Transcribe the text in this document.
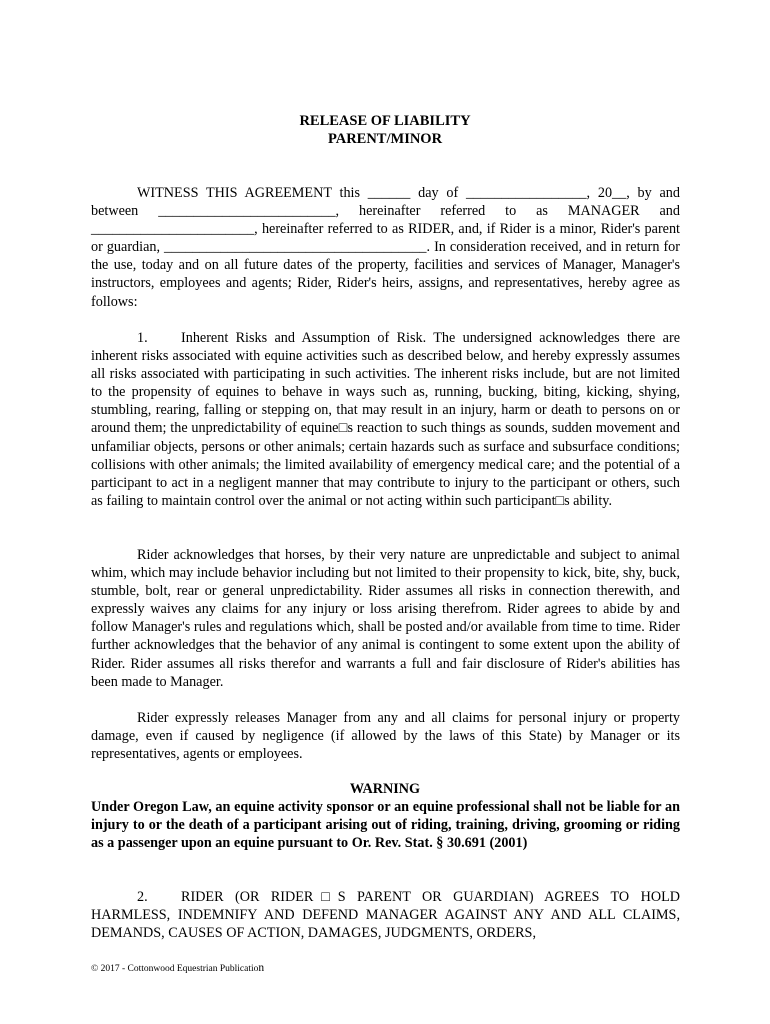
RELEASE OF LIABILITY
PARENT/MINOR

WITNESS THIS AGREEMENT this ______ day of _________________, 20__, by and between _________________________, hereinafter referred to as MANAGER and _______________________, hereinafter referred to as RIDER, and, if Rider is a minor, Rider's parent or guardian, _____________________________________. In consideration received, and in return for the use, today and on all future dates of the property, facilities and services of Manager, Manager's instructors, employees and agents; Rider, Rider's heirs, assigns, and representatives, hereby agree as follows:

1. Inherent Risks and Assumption of Risk. The undersigned acknowledges there are inherent risks associated with equine activities such as described below, and hereby expressly assumes all risks associated with participating in such activities. The inherent risks include, but are not limited to the propensity of equines to behave in ways such as, running, bucking, biting, kicking, shying, stumbling, rearing, falling or stepping on, that may result in an injury, harm or death to persons on or around them; the unpredictability of equine□s reaction to such things as sounds, sudden movement and unfamiliar objects, persons or other animals; certain hazards such as surface and subsurface conditions; collisions with other animals; the limited availability of emergency medical care; and the potential of a participant to act in a negligent manner that may contribute to injury to the participant or others, such as failing to maintain control over the animal or not acting within such participant□s ability.

Rider acknowledges that horses, by their very nature are unpredictable and subject to animal whim, which may include behavior including but not limited to their propensity to kick, bite, shy, buck, stumble, bolt, rear or general unpredictability. Rider assumes all risks in connection therewith, and expressly waives any claims for any injury or loss arising therefrom. Rider agrees to abide by and follow Manager's rules and regulations which, shall be posted and/or available from time to time. Rider further acknowledges that the behavior of any animal is contingent to some extent upon the ability of Rider. Rider assumes all risks therefor and warrants a full and fair disclosure of Rider's abilities has been made to Manager.

Rider expressly releases Manager from any and all claims for personal injury or property damage, even if caused by negligence (if allowed by the laws of this State) by Manager or its representatives, agents or employees.

WARNING

Under Oregon Law, an equine activity sponsor or an equine professional shall not be liable for an injury to or the death of a participant arising out of riding, training, driving, grooming or riding as a passenger upon an equine pursuant to Or. Rev. Stat. § 30.691 (2001)

2. RIDER (OR RIDER□S PARENT OR GUARDIAN) AGREES TO HOLD HARMLESS, INDEMNIFY AND DEFEND MANAGER AGAINST ANY AND ALL CLAIMS, DEMANDS, CAUSES OF ACTION, DAMAGES, JUDGMENTS, ORDERS,

© 2017 - Cottonwood Equestrian Publication
